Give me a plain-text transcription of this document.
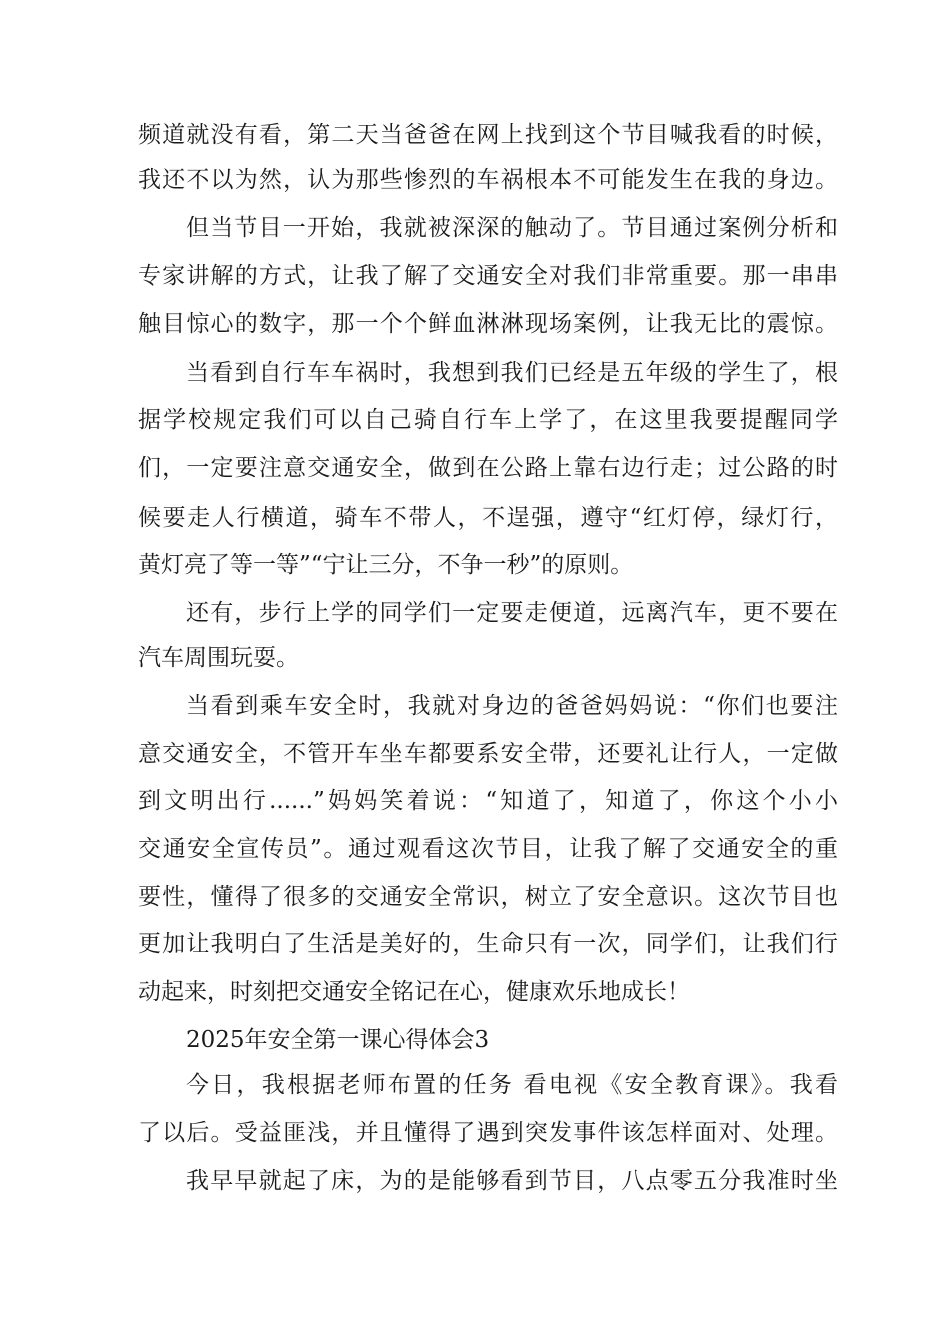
频道就没有看，第二天当爸爸在网上找到这个节目喊我看的时候，
我还不以为然，认为那些惨烈的车祸根本不可能发生在我的身边。
但当节目一开始，我就被深深的触动了。节目通过案例分析和
专家讲解的方式，让我了解了交通安全对我们非常重要。那一串串
触目惊心的数字，那一个个鲜血淋淋现场案例，让我无比的震惊。
当看到自行车车祸时，我想到我们已经是五年级的学生了，根
据学校规定我们可以自己骑自行车上学了，在这里我要提醒同学
们，一定要注意交通安全，做到在公路上靠右边行走；过公路的时
候要走人行横道，骑车不带人，不逞强，遵守“红灯停，绿灯行，
黄灯亮了等一等”“宁让三分，不争一秒”的原则。
还有，步行上学的同学们一定要走便道，远离汽车，更不要在
汽车周围玩耍。
当看到乘车安全时，我就对身边的爸爸妈妈说：“你们也要注
意交通安全，不管开车坐车都要系安全带，还要礼让行人，一定做
到文明出行......”妈妈笑着说：“知道了，知道了，你这个小小
交通安全宣传员”。通过观看这次节目，让我了解了交通安全的重
要性，懂得了很多的交通安全常识，树立了安全意识。这次节目也
更加让我明白了生活是美好的，生命只有一次，同学们，让我们行
动起来，时刻把交通安全铭记在心，健康欢乐地成长！
2025年安全第一课心得体会3
今日，我根据老师布置的任务 看电视《安全教育课》。我看
了以后。受益匪浅，并且懂得了遇到突发事件该怎样面对、处理。
我早早就起了床，为的是能够看到节目，八点零五分我准时坐
